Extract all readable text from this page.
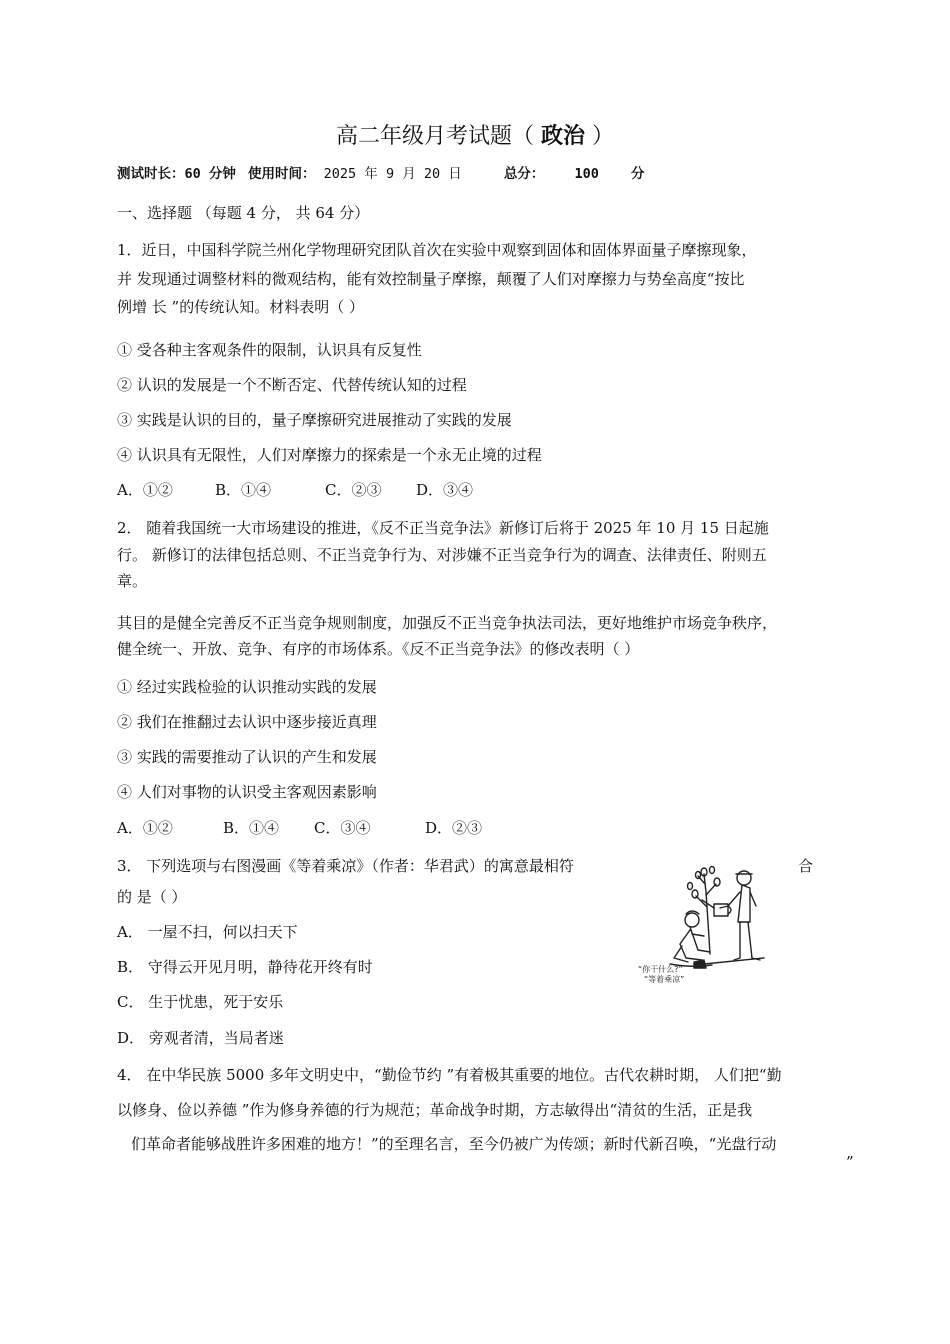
高二年级月考试题（ 政治 ）
测试时长：60 分钟 使用时间： 2025 年 9 月 20 日	总分： 100 分
一、选择题 （每题 4 分， 共 64 分）
1．近日，中国科学院兰州化学物理研究团队首次在实验中观察到固体和固体界面量子摩擦现象，
并 发现通过调整材料的微观结构，能有效控制量子摩擦，颠覆了人们对摩擦力与势垒高度“按比
例增 长 ”的传统认知。材料表明（ ）
① 受各种主客观条件的限制，认识具有反复性
② 认识的发展是一个不断否定、代替传统认知的过程
③ 实践是认识的目的，量子摩擦研究进展推动了实践的发展
④ 认识具有无限性，人们对摩擦力的探索是一个永无止境的过程
A．①②	B．①④	C．②③ D．③④
2． 随着我国统一大市场建设的推进，《反不正当竞争法》新修订后将于 2025 年 10 月 15 日起施
行。 新修订的法律包括总则、不正当竞争行为、对涉嫌不正当竞争行为的调查、法律责任、附则五
章。
其目的是健全完善反不正当竞争规则制度，加强反不正当竞争执法司法，更好地维护市场竞争秩序，
健全统一、开放、竞争、有序的市场体系。《反不正当竞争法》的修改表明（ ）
① 经过实践检验的认识推动实践的发展
② 我们在推翻过去认识中逐步接近真理
③ 实践的需要推动了认识的产生和发展
④ 人们对事物的认识受主客观因素影响
A．①②	B．①④ C．③④	D．②③
3． 下列选项与右图漫画《等着乘凉》（作者：华君武）的寓意最相符	合
的 是（ ）
A． 一屋不扫，何以扫天下
B． 守得云开见月明，静待花开终有时
C． 生于忧患，死于安乐
D． 旁观者清，当局者迷
“你干什么?”
“等着乘凉”
4． 在中华民族 5000 多年文明史中，“勤俭节约 ”有着极其重要的地位。古代农耕时期， 人们把“勤
以修身、俭以养德 ”作为修身养德的行为规范；革命战争时期，方志敏得出“清贫的生活，正是我
们革命者能够战胜许多困难的地方！”的至理名言，至今仍被广为传颂；新时代新召唤，“光盘行动
”
